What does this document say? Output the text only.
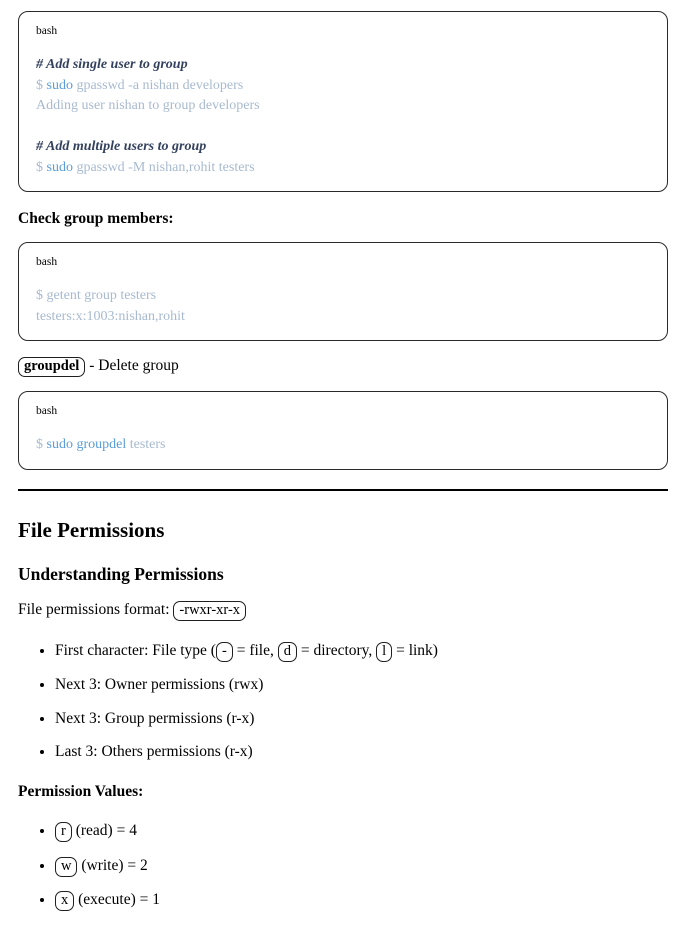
bash
# Add single user to group
$ sudo gpasswd -a nishan developers
Adding user nishan to group developers
# Add multiple users to group
$ sudo gpasswd -M nishan,rohit testers

Check group members:

bash
$ getent group testers
testers:x:1003:nishan,rohit

groupdel - Delete group

bash
$ sudo groupdel testers
File Permissions
Understanding Permissions

File permissions format: -rwxr-xr-x

• First character: File type ( - = file, d = directory, l = link)
• Next 3: Owner permissions (rwx)
• Next 3: Group permissions (r-x)
• Last 3: Others permissions (r-x)

Permission Values:

• r (read) = 4
• w (write) = 2
• x (execute) = 1
